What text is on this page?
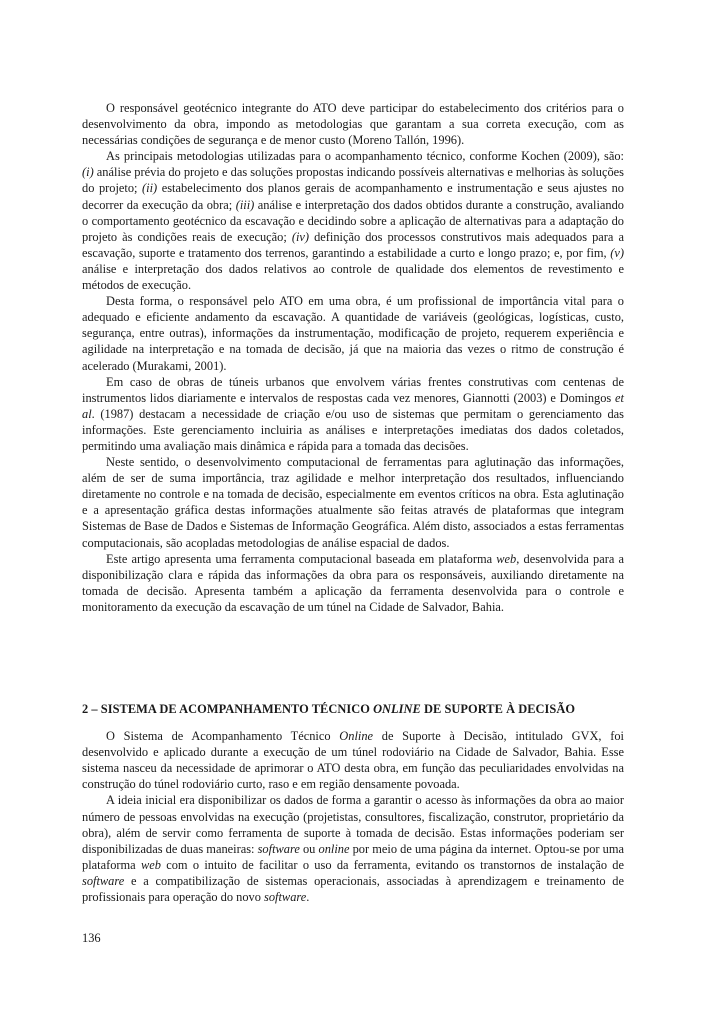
O responsável geotécnico integrante do ATO deve participar do estabelecimento dos critérios para o desenvolvimento da obra, impondo as metodologias que garantam a sua correta execução, com as necessárias condições de segurança e de menor custo (Moreno Tallón, 1996).

As principais metodologias utilizadas para o acompanhamento técnico, conforme Kochen (2009), são: (i) análise prévia do projeto e das soluções propostas indicando possíveis alternativas e melhorias às soluções do projeto; (ii) estabelecimento dos planos gerais de acompanhamento e instrumentação e seus ajustes no decorrer da execução da obra; (iii) análise e interpretação dos dados obtidos durante a construção, avaliando o comportamento geotécnico da escavação e decidindo sobre a aplicação de alternativas para a adaptação do projeto às condições reais de execução; (iv) definição dos processos construtivos mais adequados para a escavação, suporte e tratamento dos terrenos, garantindo a estabilidade a curto e longo prazo; e, por fim, (v) análise e interpretação dos dados relativos ao controle de qualidade dos elementos de revestimento e métodos de execução.

Desta forma, o responsável pelo ATO em uma obra, é um profissional de importância vital para o adequado e eficiente andamento da escavação. A quantidade de variáveis (geológicas, logísticas, custo, segurança, entre outras), informações da instrumentação, modificação de projeto, requerem experiência e agilidade na interpretação e na tomada de decisão, já que na maioria das vezes o ritmo de construção é acelerado (Murakami, 2001).

Em caso de obras de túneis urbanos que envolvem várias frentes construtivas com centenas de instrumentos lidos diariamente e intervalos de respostas cada vez menores, Giannotti (2003) e Domingos et al. (1987) destacam a necessidade de criação e/ou uso de sistemas que permitam o gerenciamento das informações. Este gerenciamento incluiria as análises e interpretações imediatas dos dados coletados, permitindo uma avaliação mais dinâmica e rápida para a tomada das decisões.

Neste sentido, o desenvolvimento computacional de ferramentas para aglutinação das informações, além de ser de suma importância, traz agilidade e melhor interpretação dos resultados, influenciando diretamente no controle e na tomada de decisão, especialmente em eventos críticos na obra. Esta aglutinação e a apresentação gráfica destas informações atualmente são feitas através de plataformas que integram Sistemas de Base de Dados e Sistemas de Informação Geográfica. Além disto, associados a estas ferramentas computacionais, são acopladas metodologias de análise espacial de dados.

Este artigo apresenta uma ferramenta computacional baseada em plataforma web, desenvolvida para a disponibilização clara e rápida das informações da obra para os responsáveis, auxiliando diretamente na tomada de decisão. Apresenta também a aplicação da ferramenta desenvolvida para o controle e monitoramento da execução da escavação de um túnel na Cidade de Salvador, Bahia.

2 – SISTEMA DE ACOMPANHAMENTO TÉCNICO ONLINE DE SUPORTE À DECISÃO

O Sistema de Acompanhamento Técnico Online de Suporte à Decisão, intitulado GVX, foi desenvolvido e aplicado durante a execução de um túnel rodoviário na Cidade de Salvador, Bahia. Esse sistema nasceu da necessidade de aprimorar o ATO desta obra, em função das peculiaridades envolvidas na construção do túnel rodoviário curto, raso e em região densamente povoada.

A ideia inicial era disponibilizar os dados de forma a garantir o acesso às informações da obra ao maior número de pessoas envolvidas na execução (projetistas, consultores, fiscalização, construtor, proprietário da obra), além de servir como ferramenta de suporte à tomada de decisão. Estas informações poderiam ser disponibilizadas de duas maneiras: software ou online por meio de uma página da internet. Optou-se por uma plataforma web com o intuito de facilitar o uso da ferramenta, evitando os transtornos de instalação de software e a compatibilização de sistemas operacionais, associadas à aprendizagem e treinamento de profissionais para operação do novo software.

136
